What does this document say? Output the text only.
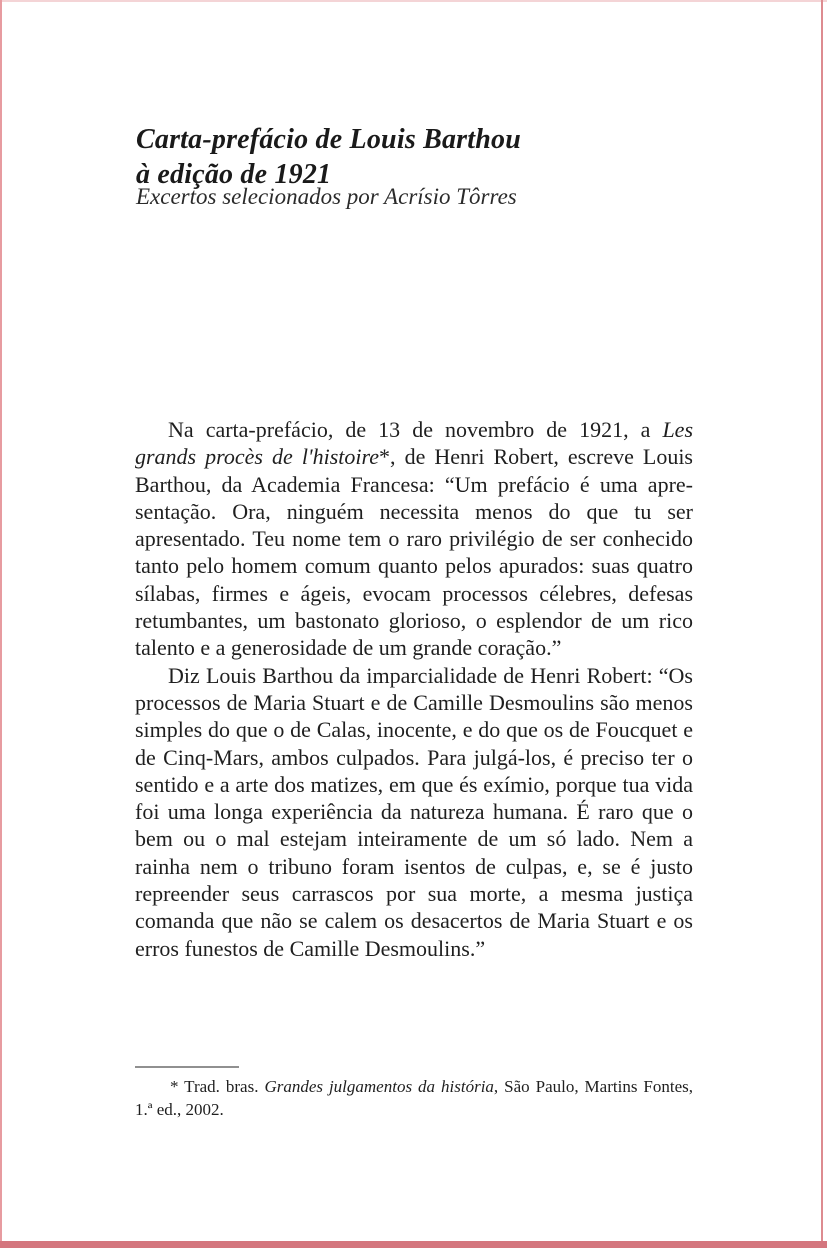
Carta-prefácio de Louis Barthou
à edição de 1921
Excertos selecionados por Acrísio Tôrres

Na carta-prefácio, de 13 de novembro de 1921, a Les grands procès de l'histoire*, de Henri Robert, escreve Louis Barthou, da Academia Francesa: “Um prefácio é uma apresentação. Ora, ninguém necessita menos do que tu ser apresentado. Teu nome tem o raro privilégio de ser conhecido tanto pelo homem comum quanto pelos apurados: suas quatro sílabas, firmes e ágeis, evocam processos célebres, defesas retumbantes, um bastonato glorioso, o esplendor de um rico talento e a generosidade de um grande coração.”

Diz Louis Barthou da imparcialidade de Henri Robert: “Os processos de Maria Stuart e de Camille Desmoulins são menos simples do que o de Calas, inocente, e do que os de Foucquet e de Cinq-Mars, ambos culpados. Para julgá-los, é preciso ter o sentido e a arte dos matizes, em que és exímio, porque tua vida foi uma longa experiência da natureza humana. É raro que o bem ou o mal estejam inteiramente de um só lado. Nem a rainha nem o tribuno foram isentos de culpas, e, se é justo repreender seus carrascos por sua morte, a mesma justiça comanda que não se calem os desacertos de Maria Stuart e os erros funestos de Camille Desmoulins.”

* Trad. bras. Grandes julgamentos da história, São Paulo, Martins Fontes, 1.ª ed., 2002.
